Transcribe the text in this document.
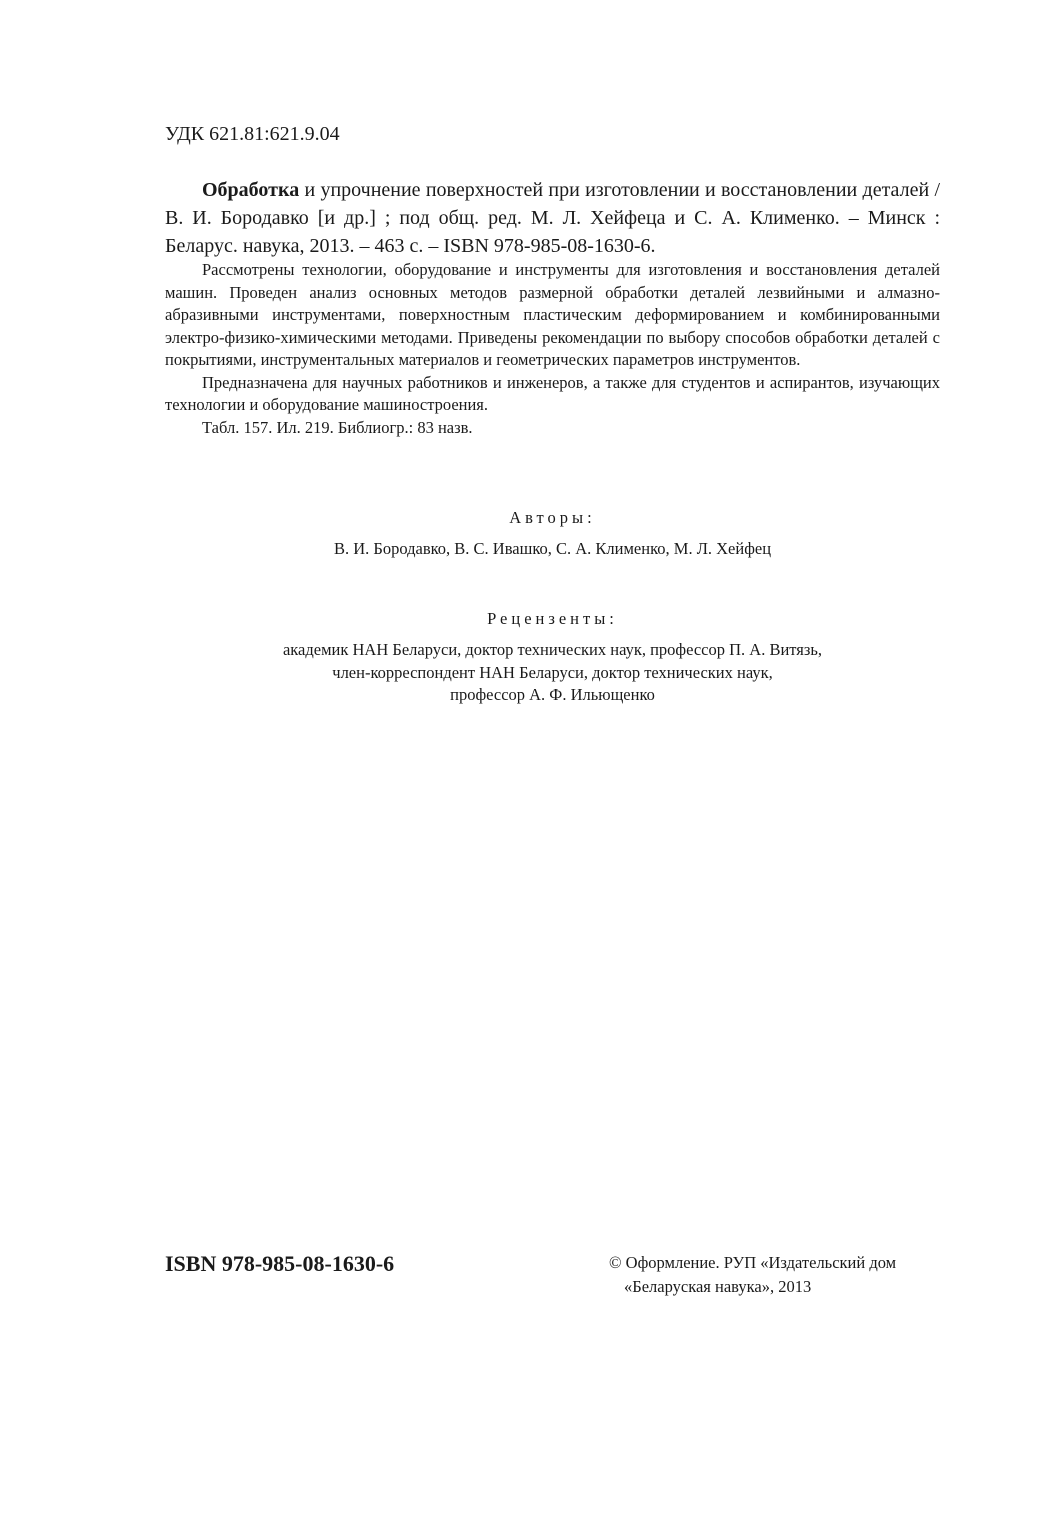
УДК 621.81:621.9.04

Обработка и упрочнение поверхностей при изготовлении и восстановлении деталей / В. И. Бородавко [и др.] ; под общ. ред. М. Л. Хейфеца и С. А. Клименко. – Минск : Беларус. навука, 2013. – 463 с. – ISBN 978-985-08-1630-6.

Рассмотрены технологии, оборудование и инструменты для изготовления и восстановления деталей машин. Проведен анализ основных методов размерной обработки деталей лезвийными и алмазно-абразивными инструментами, поверхностным пластическим деформированием и комбинированными электро-физико-химическими методами. Приведены рекомендации по выбору способов обработки деталей с покрытиями, инструментальных материалов и геометрических параметров инструментов.

Предназначена для научных работников и инженеров, а также для студентов и аспирантов, изучающих технологии и оборудование машиностроения.

Табл. 157. Ил. 219. Библиогр.: 83 назв.

Авторы:
В. И. Бородавко, В. С. Ивашко, С. А. Клименко, М. Л. Хейфец
Рецензенты:
академик НАН Беларуси, доктор технических наук, профессор П. А. Витязь,
член-корреспондент НАН Беларуси, доктор технических наук,
профессор А. Ф. Ильющенко
ISBN 978-985-08-1630-6	© Оформление. РУП «Издательский дом
«Беларуская навука», 2013
